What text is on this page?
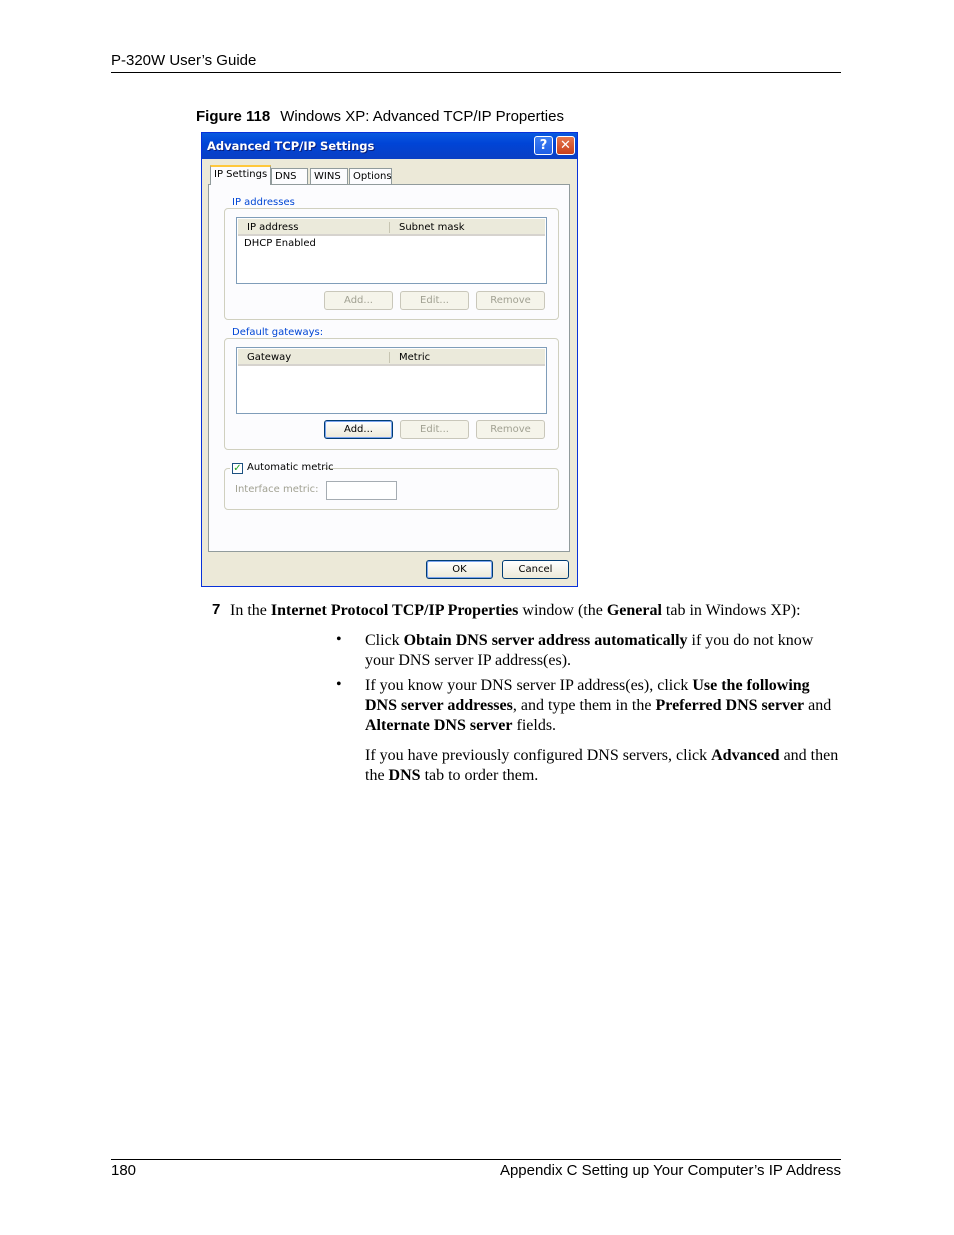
P-320W User’s Guide
Figure 118 Windows XP: Advanced TCP/IP Properties
Advanced TCP/IP Settings	? ✕
IP Settings DNS	WINS	Options
IP addresses
IP address	Subnet mask
DHCP Enabled
Add...	Edit...	Remove
Default gateways:
Gateway	Metric
Add...	Edit...	Remove
✓ Automatic metric
Interface metric:
OK	Cancel
7 In the Internet Protocol TCP/IP Properties window (the General tab in Windows XP):
• Click Obtain DNS server address automatically if you do not know your DNS server IP address(es).
• If you know your DNS server IP address(es), click Use the following DNS server addresses, and type them in the Preferred DNS server and Alternate DNS server fields.
If you have previously configured DNS servers, click Advanced and then the DNS tab to order them.
180	Appendix C Setting up Your Computer’s IP Address
